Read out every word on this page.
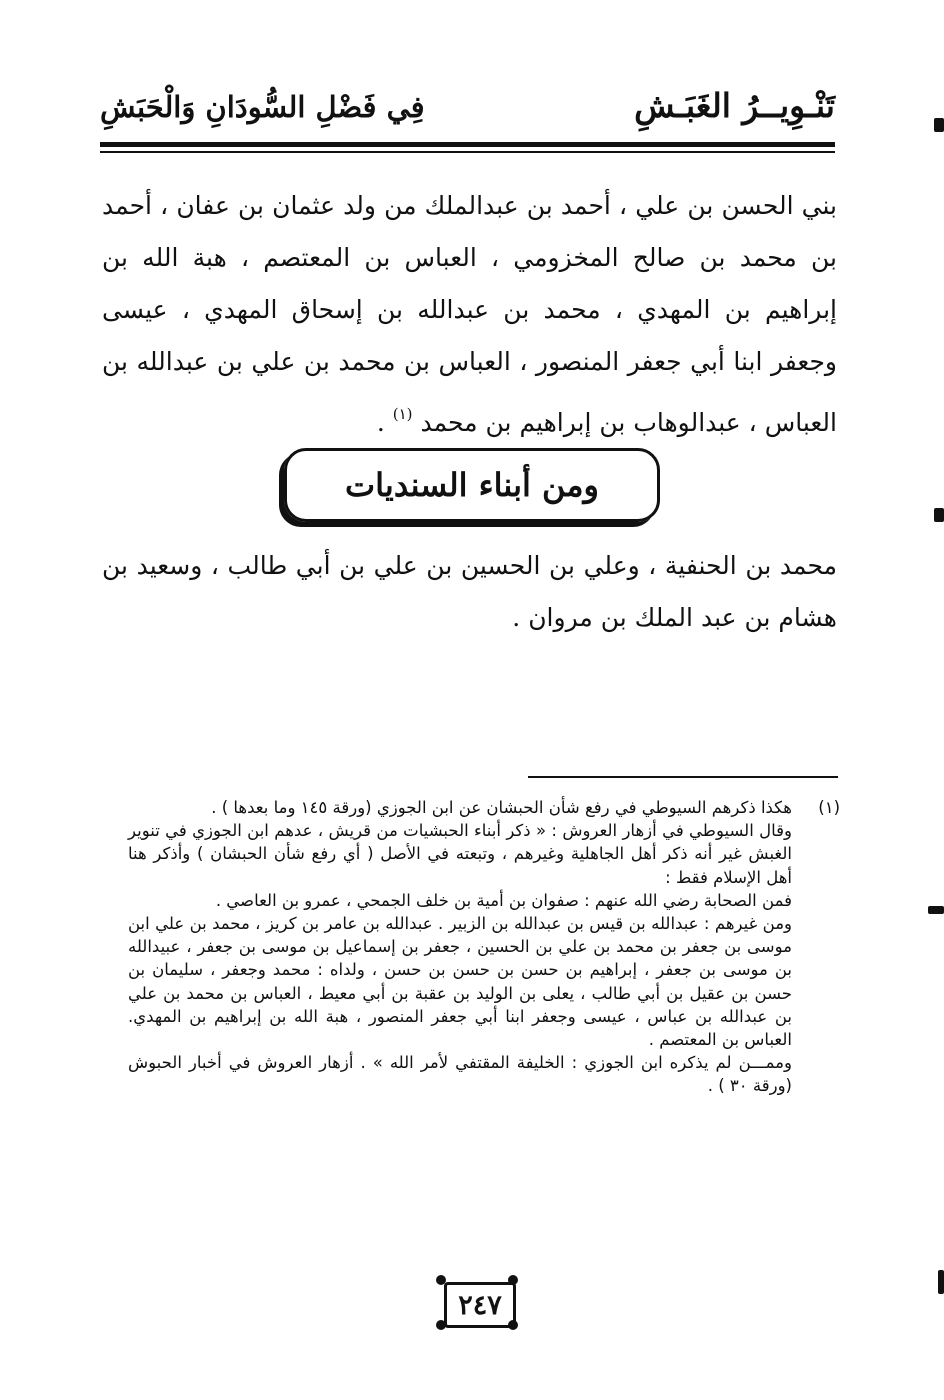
تَنْـوِيــرُ الغَبَـشِ
فِي فَضْلِ السُّودَانِ وَالْحَبَشِ
بني الحسن بن علي ، أحمد بن عبدالملك من ولد عثمان بن عفان ، أحمد بن محمد بن صالح المخزومي ، العباس بن المعتصم ، هبة الله بن إبراهيم بن المهدي ، محمد بن عبدالله بن إسحاق المهدي ، عيسى وجعفر ابنا أبي جعفر المنصور ، العباس بن محمد بن علي بن عبدالله بن العباس ، عبدالوهاب بن إبراهيم بن محمد $^{(١)}$ .
ومن أبناء السنديات
محمد بن الحنفية ، وعلي بن الحسين بن علي بن أبي طالب ، وسعيد بن هشام بن عبد الملك بن مروان .
(١)

هكذا ذكرهم السيوطي في رفع شأن الحبشان عن ابن الجوزي (ورقة ١٤٥ وما بعدها ) .

وقال السيوطي في أزهار العروش : « ذكر أبناء الحبشيات من قريش ، عدهم ابن الجوزي في تنوير الغبش غير أنه ذكر أهل الجاهلية وغيرهم ، وتبعته في الأصل ( أي رفع شأن الحبشان ) وأذكر هنا أهل الإسلام فقط :

فمن الصحابة رضي الله عنهم : صفوان بن أمية بن خلف الجمحي ، عمرو بن العاصي .

ومن غيرهم : عبدالله بن قيس بن عبدالله بن الزبير . عبدالله بن عامر بن كريز ، محمد بن علي ابن موسى بن جعفر بن محمد بن علي بن الحسين ، جعفر بن إسماعيل بن موسى بن جعفر ، عبيدالله بن موسى بن جعفر ، إبراهيم بن حسن بن حسن بن حسن ، ولداه : محمد وجعفر ، سليمان بن حسن بن عقيل بن أبي طالب ، يعلى بن الوليد بن عقبة بن أبي معيط ، العباس بن محمد بن علي بن عبدالله بن عباس ، عيسى وجعفر ابنا أبي جعفر المنصور ، هبة الله بن إبراهيم بن المهدي. العباس بن المعتصم .

وممـــن لم يذكره ابن الجوزي : الخليفة المقتفي لأمر الله » . أزهار العروش في أخبار الحبوش (ورقة ٣٠ ) .

٢٤٧
